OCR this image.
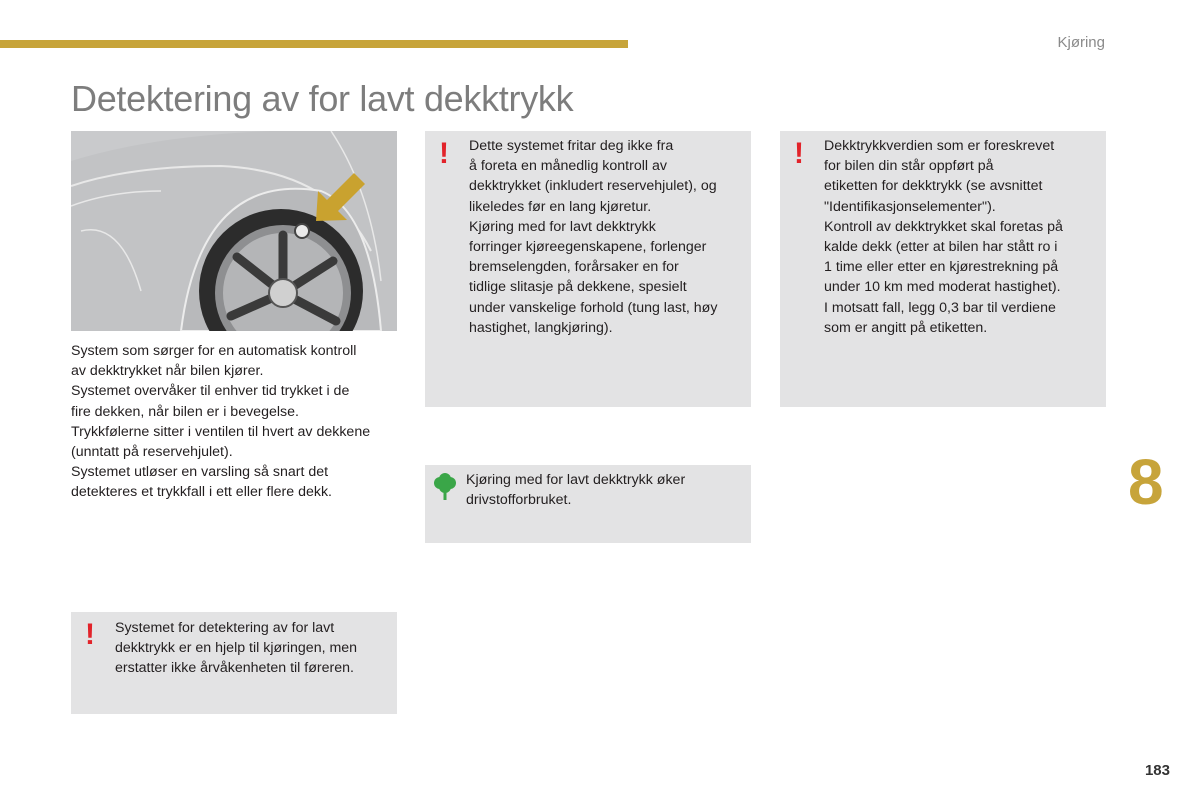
Kjøring
Detektering av for lavt dekktrykk

System som sørger for en automatisk kontroll

av dekktrykket når bilen kjører.

Systemet overvåker til enhver tid trykket i de

fire dekken, når bilen er i bevegelse.

Trykkfølerne sitter i ventilen til hvert av dekkene

(unntatt på reservehjulet).

Systemet utløser en varsling så snart det

detekteres et trykkfall i ett eller flere dekk.

! Systemet for detektering av for lavt

dekktrykk er en hjelp til kjøringen, men

erstatter ikke årvåkenheten til føreren.

! Dette systemet fritar deg ikke fra

å foreta en månedlig kontroll av

dekktrykket (inkludert reservehjulet), og

likeledes før en lang kjøretur.

Kjøring med for lavt dekktrykk

forringer kjøreegenskapene, forlenger

bremselengden, forårsaker en for

tidlige slitasje på dekkene, spesielt

under vanskelige forhold (tung last, høy

hastighet, langkjøring).

Kjøring med for lavt dekktrykk øker

drivstofforbruket.

! Dekktrykkverdien som er foreskrevet

for bilen din står oppført på

etiketten for dekktrykk (se avsnittet

"Identifikasjonselementer").

Kontroll av dekktrykket skal foretas på

kalde dekk (etter at bilen har stått ro i

1 time eller etter en kjørestrekning på

under 10 km med moderat hastighet).

I motsatt fall, legg 0,3 bar til verdiene

som er angitt på etiketten.

8
183
